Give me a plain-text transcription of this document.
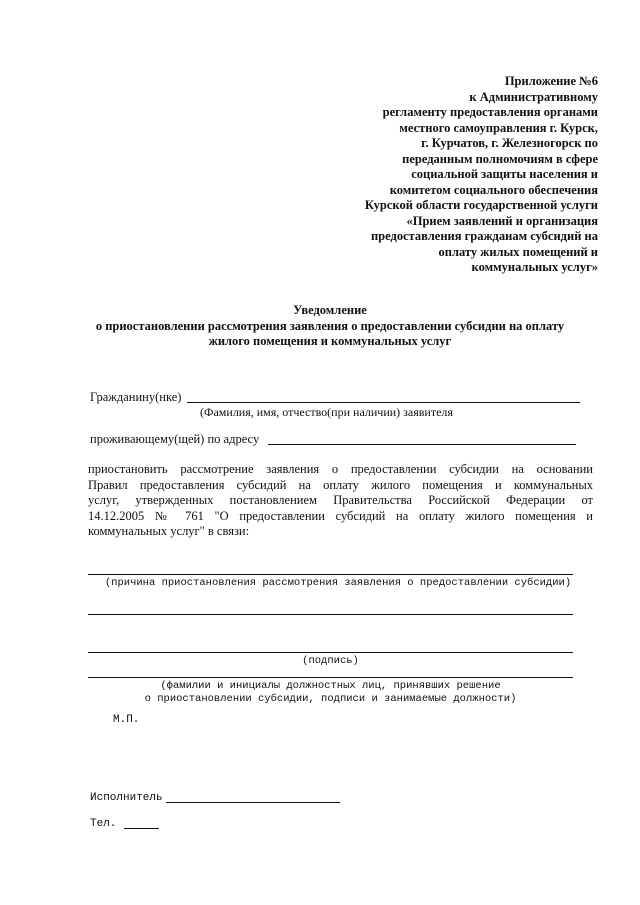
Приложение №6
к Административному
регламенту предоставления органами
местного самоуправления г. Курск,
г. Курчатов, г. Железногорск по
переданным полномочиям в сфере
социальной защиты населения и
комитетом социального обеспечения
Курской области государственной услуги
«Прием заявлений и организация
предоставления гражданам субсидий на
оплату жилых помещений и
коммунальных услуг»
Уведомление
о приостановлении рассмотрения заявления о предоставлении субсидии на оплату
жилого помещения и коммунальных услуг
Гражданину(нке)
(Фамилия, имя, отчество(при наличии) заявителя
проживающему(щей) по адресу
приостановить рассмотрение заявления о предоставлении субсидии на основании
Правил предоставления субсидий на оплату жилого помещения и коммунальных
услуг, утвержденных постановлением Правительства Российской Федерации от
14.12.2005 № 761 "О предоставлении субсидий на оплату жилого помещения и
коммунальных услуг" в связи:
(причина приостановления рассмотрения заявления о предоставлении субсидии)
(подпись)
(фамилии и инициалы должностных лиц, принявших решение
о приостановлении субсидии, подписи и занимаемые должности)
М.П.
Исполнитель
Тел.
